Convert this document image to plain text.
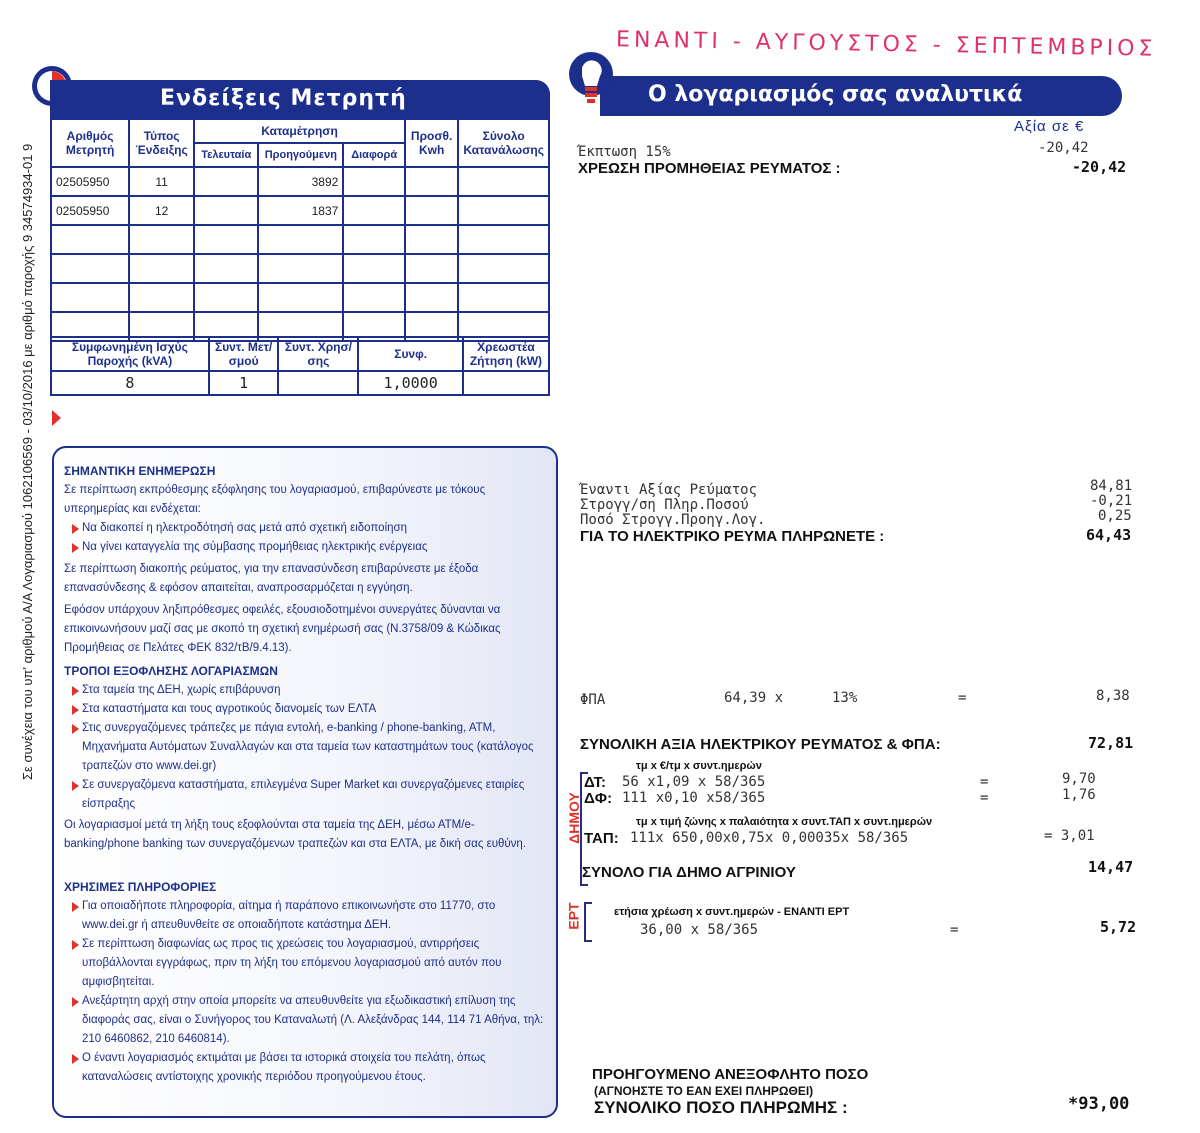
Σε συνέχεια του υπ' αριθμού Α/Α Λογαριασμού 1062106569 - 03/10/2016 με αριθμό παροχής 9 34574934-01 9
Ενδείξεις Μετρητή
Αριθμός Μετρητή	Τύπος Ένδειξης	Καταμέτρηση			Προσθ. Kwh	Σύνολο Κατανάλωσης
		Τελευταία	Προηγούμενη	Διαφορά		
02505950	11		3892			
02505950	12		1837			

Συμφωνημένη Ισχύς Παροχής (kVA)	Συντ. Μετ/σμού	Συντ. Χρησ/σης	Συνφ.	Χρεωστέα Ζήτηση (kW)
8	1		1,0000	
ΣΗΜΑΝΤΙΚΗ ΕΝΗΜΕΡΩΣΗ
Σε περίπτωση εκπρόθεσμης εξόφλησης του λογαριασμού, επιβαρύνεστε με τόκους υπερημερίας και ενδέχεται:
Να διακοπεί η ηλεκτροδότησή σας μετά από σχετική ειδοποίηση
Να γίνει καταγγελία της σύμβασης προμήθειας ηλεκτρικής ενέργειας
Σε περίπτωση διακοπής ρεύματος, για την επανασύνδεση επιβαρύνεστε με έξοδα επανασύνδεσης & εφόσον απαιτείται, αναπροσαρμόζεται η εγγύηση.
Εφόσον υπάρχουν ληξιπρόθεσμες οφειλές, εξουσιοδοτημένοι συνεργάτες δύνανται να επικοινωνήσουν μαζί σας με σκοπό τη σχετική ενημέρωσή σας (Ν.3758/09 & Κώδικας Προμήθειας σε Πελάτες ΦΕΚ 832/τΒ/9.4.13).
ΤΡΟΠΟΙ ΕΞΟΦΛΗΣΗΣ ΛΟΓΑΡΙΑΣΜΩΝ
Στα ταμεία της ΔΕΗ, χωρίς επιβάρυνση
Στα καταστήματα και τους αγροτικούς διανομείς των ΕΛΤΑ
Στις συνεργαζόμενες τράπεζες με πάγια εντολή, e-banking / phone-banking, ATM, Μηχανήματα Αυτόματων Συναλλαγών και στα ταμεία των καταστημάτων τους (κατάλογος τραπεζών στο www.dei.gr)
Σε συνεργαζόμενα καταστήματα, επιλεγμένα Super Market και συνεργαζόμενες εταιρίες είσπραξης
Οι λογαριασμοί μετά τη λήξη τους εξοφλούνται στα ταμεία της ΔΕΗ, μέσω ΑΤΜ/e-banking/phone banking των συνεργαζόμενων τραπεζών και στα ΕΛΤΑ, με δική σας ευθύνη.
ΧΡΗΣΙΜΕΣ ΠΛΗΡΟΦΟΡΙΕΣ
Για οποιαδήποτε πληροφορία, αίτημα ή παράπονο επικοινωνήστε στο 11770, στο www.dei.gr ή απευθυνθείτε σε οποιαδήποτε κατάστημα ΔΕΗ.
Σε περίπτωση διαφωνίας ως προς τις χρεώσεις του λογαριασμού, αντιρρήσεις υποβάλλονται εγγράφως, πριν τη λήξη του επόμενου λογαριασμού από αυτόν που αμφισβητείται.
Ανεξάρτητη αρχή στην οποία μπορείτε να απευθυνθείτε για εξωδικαστική επίλυση της διαφοράς σας, είναι ο Συνήγορος του Καταναλωτή (Λ. Αλεξάνδρας 144, 114 71 Αθήνα, τηλ: 210 6460862, 210 6460814).
Ο έναντι λογαριασμός εκτιμάται με βάσει τα ιστορικά στοιχεία του πελάτη, όπως καταναλώσεις αντίστοιχης χρονικής περιόδου προηγούμενου έτους.
ΕΝΑΝΤΙ - ΑΥΓΟΥΣΤΟΣ - ΣΕΠΤΕΜΒΡΙΟΣ
Ο λογαριασμός σας αναλυτικά
Αξία σε €
Έκπτωση 15%	-20,42
ΧΡΕΩΣΗ ΠΡΟΜΗΘΕΙΑΣ ΡΕΥΜΑΤΟΣ :	-20,42
Έναντι Αξίας Ρεύματος	84,81
Στρογγ/ση Πληρ.Ποσού	-0,21
Ποσό Στρογγ.Προηγ.Λογ.	0,25
ΓΙΑ ΤΟ ΗΛΕΚΤΡΙΚΟ ΡΕΥΜΑ ΠΛΗΡΩΝΕΤΕ :	64,43
ΦΠΑ	64,39 x	13%	=	8,38
ΣΥΝΟΛΙΚΗ ΑΞΙΑ ΗΛΕΚΤΡΙΚΟΥ ΡΕΥΜΑΤΟΣ & ΦΠΑ:	72,81
ΔΗΜΟΥ
τμ x €/τμ x συντ.ημερών
ΔΤ: 56 x1,09 x 58/365	=	9,70
ΔΦ: 111 x0,10 x58/365	=	1,76
τμ x τιμή ζώνης x παλαιότητα x συντ.ΤΑΠ x συντ.ημερών
ΤΑΠ: 111x 650,00x0,75x 0,00035x 58/365	= 3,01
ΣΥΝΟΛΟ ΓΙΑ ΔΗΜΟ ΑΓΡΙΝΙΟΥ	14,47
ΕΡΤ	ετήσια χρέωση x συντ.ημερών - ΕΝΑΝΤΙ ΕΡΤ
36,00 x 58/365	=	5,72
ΠΡΟΗΓΟΥΜΕΝΟ ΑΝΕΞΟΦΛΗΤΟ ΠΟΣΟ
(ΑΓΝΟΗΣΤΕ ΤΟ ΕΑΝ ΕΧΕΙ ΠΛΗΡΩΘΕΙ)
ΣΥΝΟΛΙΚΟ ΠΟΣΟ ΠΛΗΡΩΜΗΣ :	*93,00
